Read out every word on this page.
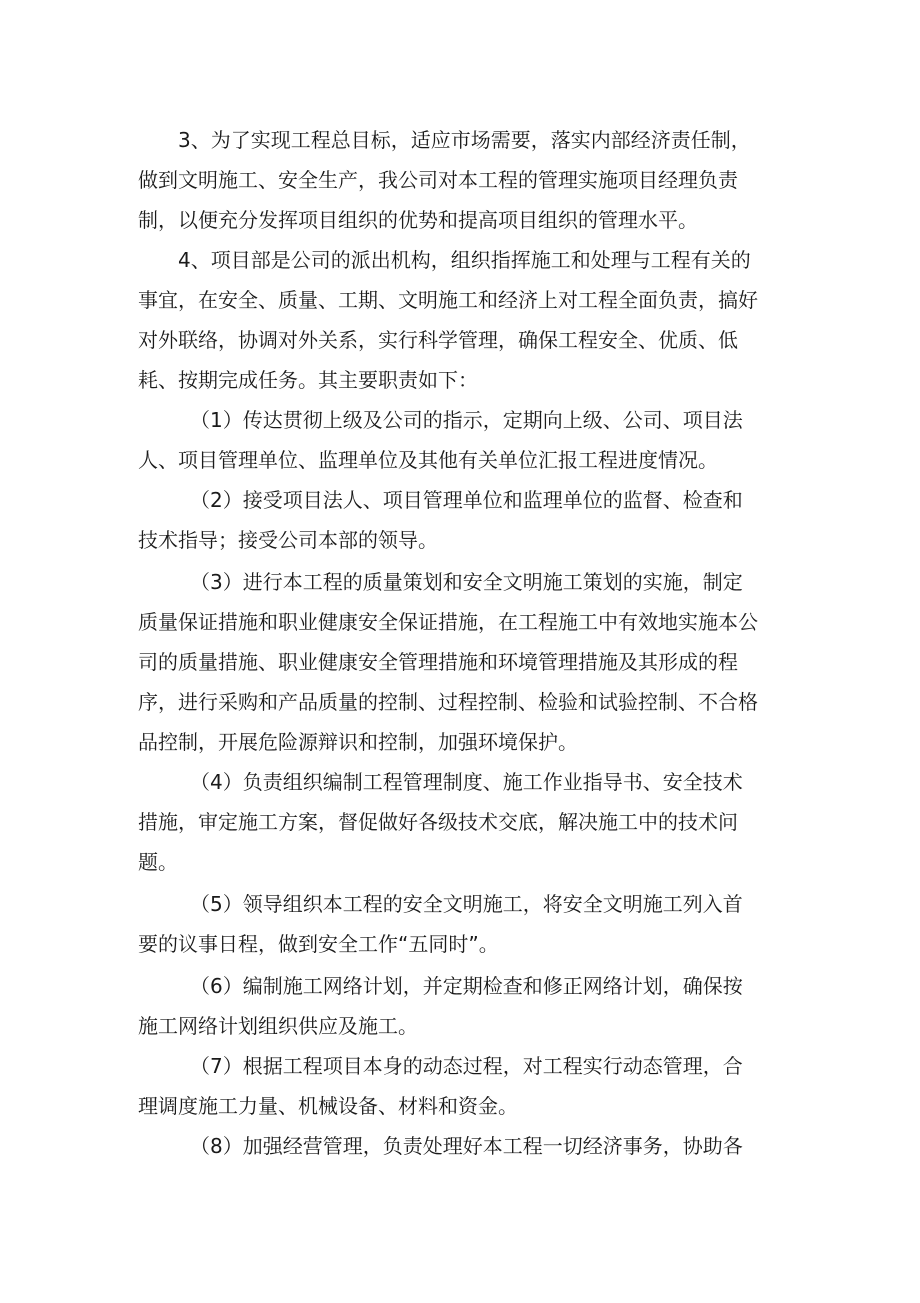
3、为了实现工程总目标，适应市场需要，落实内部经济责任制，做到文明施工、安全生产，我公司对本工程的管理实施项目经理负责制，以便充分发挥项目组织的优势和提高项目组织的管理水平。

4、项目部是公司的派出机构，组织指挥施工和处理与工程有关的事宜，在安全、质量、工期、文明施工和经济上对工程全面负责，搞好对外联络，协调对外关系，实行科学管理，确保工程安全、优质、低耗、按期完成任务。其主要职责如下：

（1）传达贯彻上级及公司的指示，定期向上级、公司、项目法人、项目管理单位、监理单位及其他有关单位汇报工程进度情况。

（2）接受项目法人、项目管理单位和监理单位的监督、检查和技术指导；接受公司本部的领导。

（3）进行本工程的质量策划和安全文明施工策划的实施，制定质量保证措施和职业健康安全保证措施，在工程施工中有效地实施本公司的质量措施、职业健康安全管理措施和环境管理措施及其形成的程序，进行采购和产品质量的控制、过程控制、检验和试验控制、不合格品控制，开展危险源辩识和控制，加强环境保护。

（4）负责组织编制工程管理制度、施工作业指导书、安全技术措施，审定施工方案，督促做好各级技术交底，解决施工中的技术问题。

（5）领导组织本工程的安全文明施工，将安全文明施工列入首要的议事日程，做到安全工作“五同时”。

（6）编制施工网络计划，并定期检查和修正网络计划，确保按施工网络计划组织供应及施工。

（7）根据工程项目本身的动态过程，对工程实行动态管理，合理调度施工力量、机械设备、材料和资金。

（8）加强经营管理，负责处理好本工程一切经济事务，协助各
